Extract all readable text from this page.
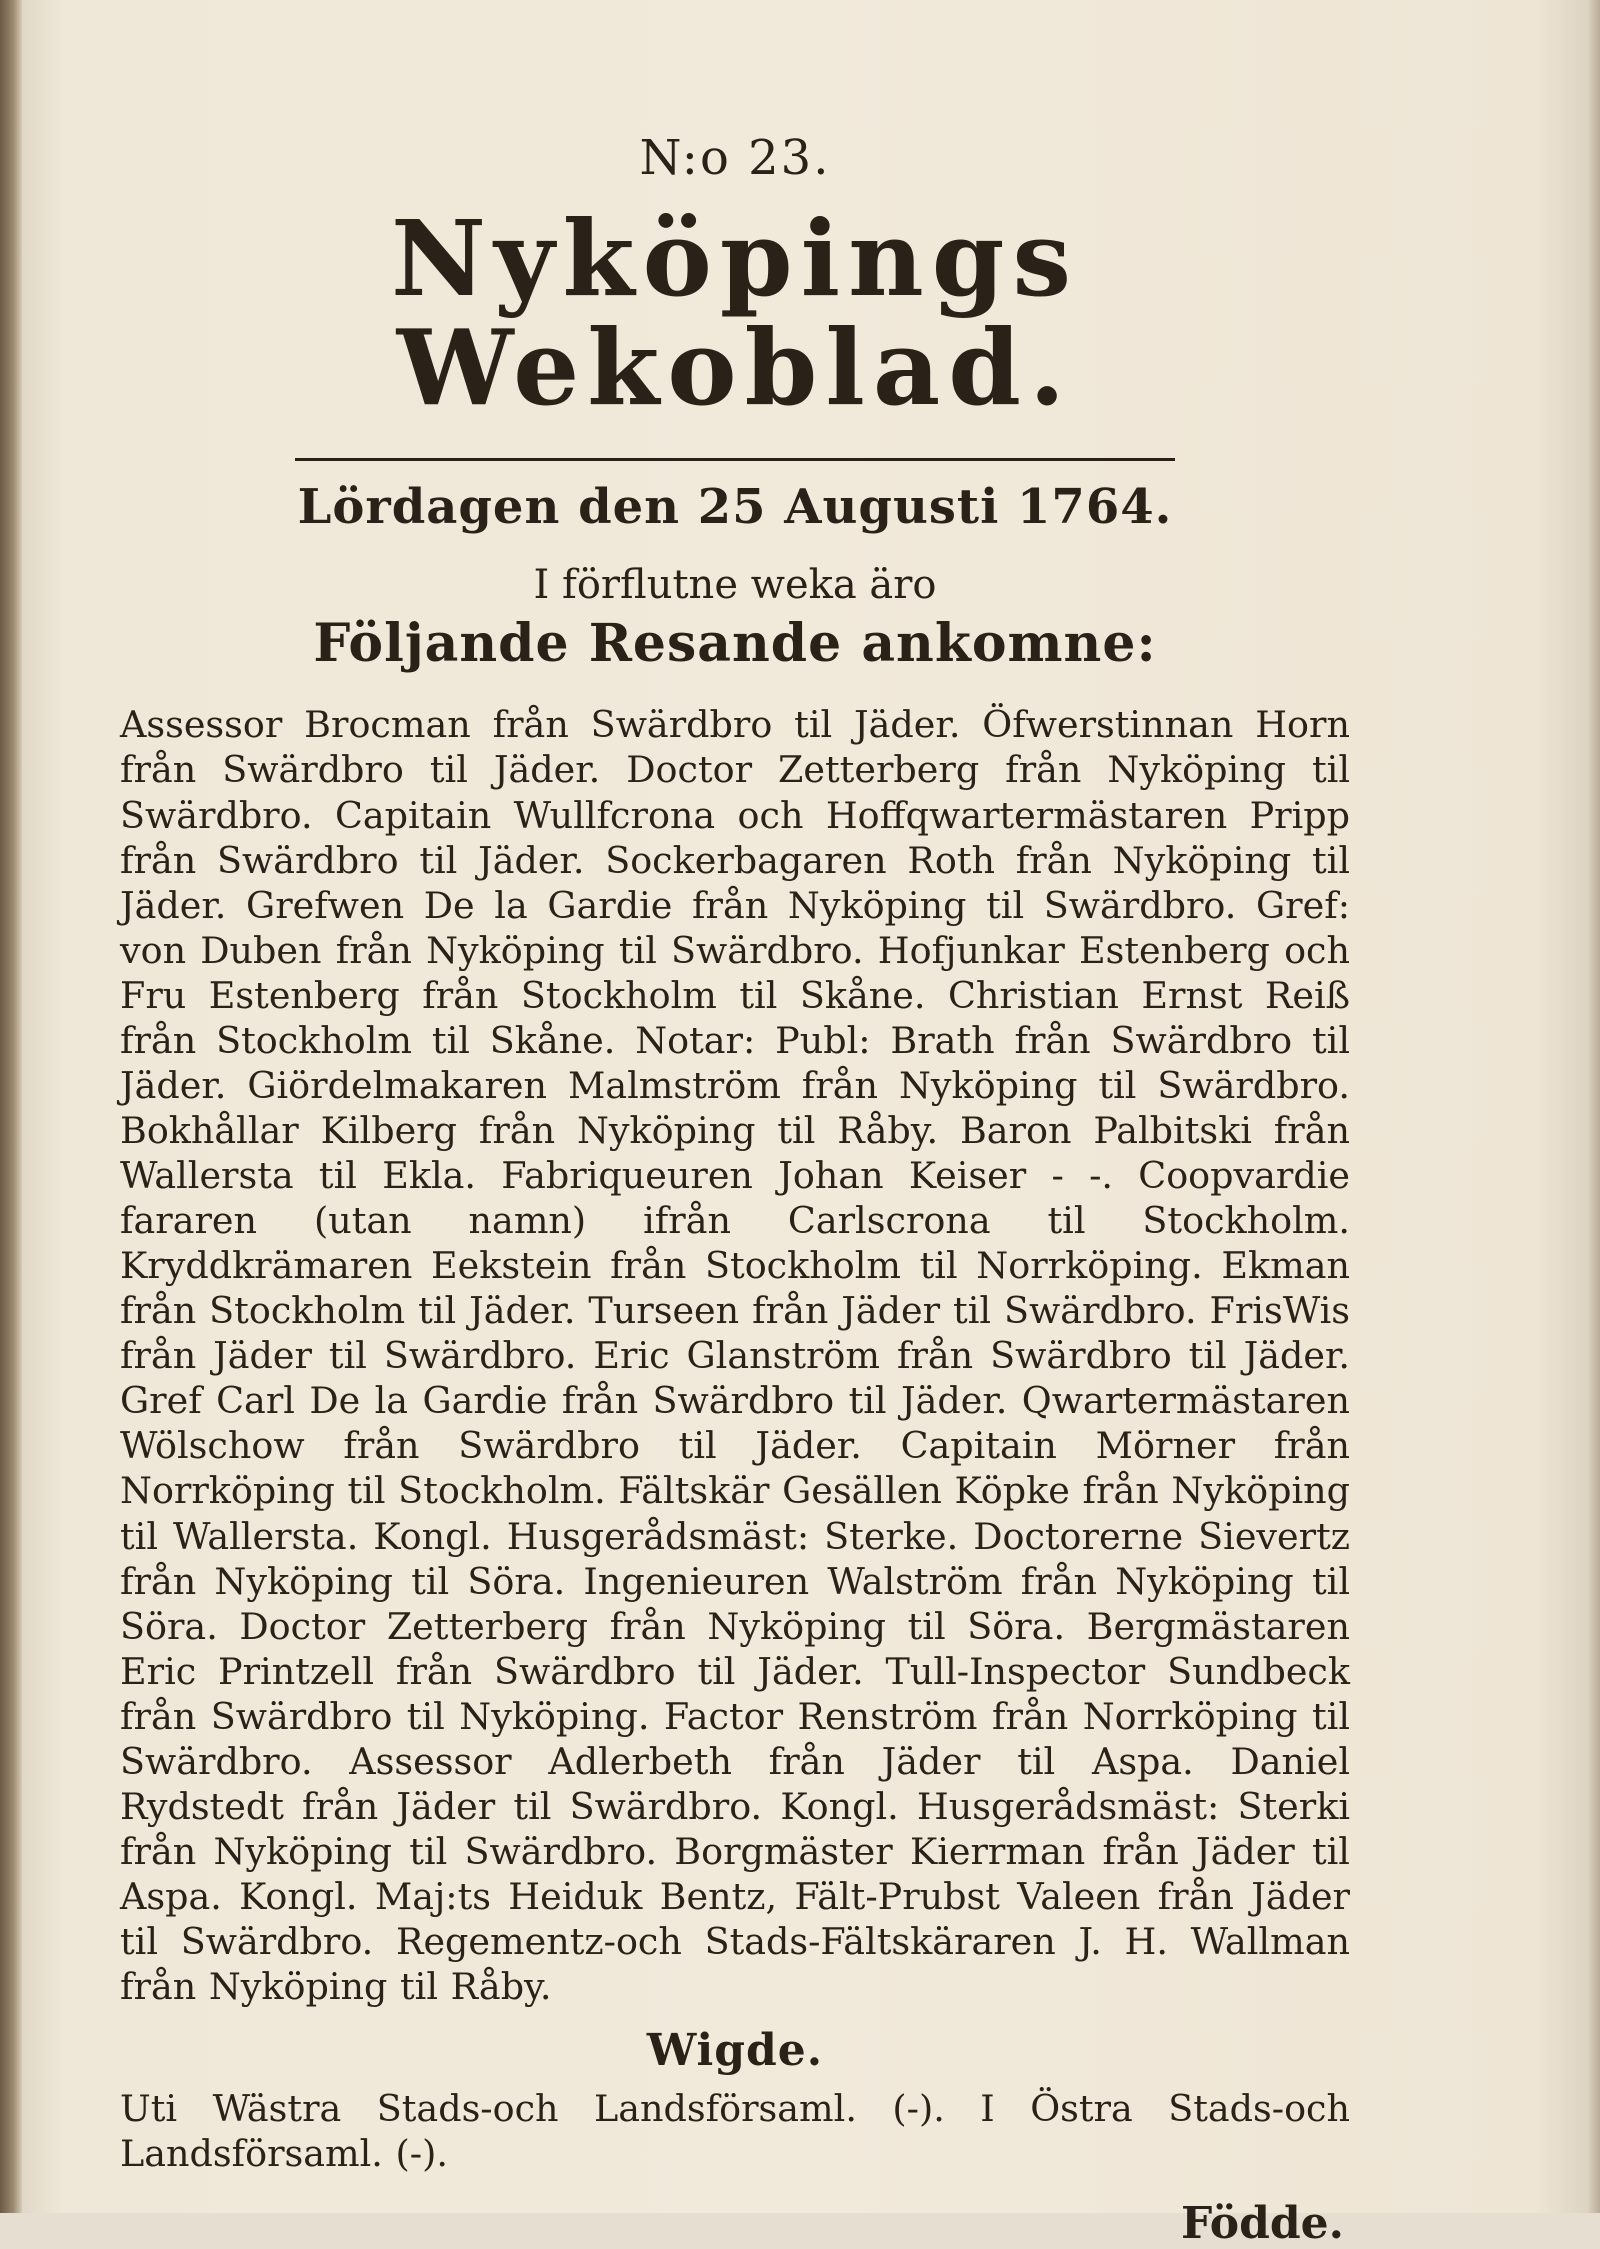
N:o 23.
Nyköpings Wekoblad.
Lördagen den 25 Augusti 1764.
I förflutne weka äro
Följande Resande ankomne:

Assessor Brocman från Swärdbro til Jäder. Öfwerstinnan Horn från Swärdbro til Jäder. Doctor Zetterberg från Nyköping til Swärdbro. Capitain Wullfcrona och Hoffqwartermästaren Pripp från Swärdbro til Jäder. Sockerbagaren Roth från Nyköping til Jäder. Grefwen De la Gardie från Nyköping til Swärdbro. Gref: von Duben från Nyköping til Swärdbro. Hofjunkar Estenberg och Fru Estenberg från Stockholm til Skåne. Christian Ernst Reiß från Stockholm til Skåne. Notar: Publ: Brath från Swärdbro til Jäder. Giördelmakaren Malmström från Nyköping til Swärdbro. Bokhållar Kilberg från Nyköping til Råby. Baron Palbitski från Wallersta til Ekla. Fabriqueuren Johan Keiser - -. Coopvardie fararen (utan namn) ifrån Carlscrona til Stockholm. Kryddkrämaren Eekstein från Stockholm til Norrköping. Ekman från Stockholm til Jäder. Turseen från Jäder til Swärdbro. FrisWis från Jäder til Swärdbro. Eric Glanström från Swärdbro til Jäder. Gref Carl De la Gardie från Swärdbro til Jäder. Qwartermästaren Wölschow från Swärdbro til Jäder. Capitain Mörner från Norrköping til Stockholm. Fältskär Gesällen Köpke från Nyköping til Wallersta. Kongl. Husgerådsmäst: Sterke. Doctorerne Sievertz från Nyköping til Söra. Ingenieuren Walström från Nyköping til Söra. Doctor Zetterberg från Nyköping til Söra. Bergmästaren Eric Printzell från Swärdbro til Jäder. Tull-Inspector Sundbeck från Swärdbro til Nyköping. Factor Renström från Norrköping til Swärdbro. Assessor Adlerbeth från Jäder til Aspa. Daniel Rydstedt från Jäder til Swärdbro. Kongl. Husgerådsmäst: Sterki från Nyköping til Swärdbro. Borgmäster Kierrman från Jäder til Aspa. Kongl. Maj:ts Heiduk Bentz, Fält-Prubst Valeen från Jäder til Swärdbro. Regementz-och Stads-Fältskäraren J. H. Wallman från Nyköping til Råby.

Wigde.

Uti Wästra Stads-och Landsförsaml. (-). I Östra Stads-och Landsförsaml. (-).

Födde.
